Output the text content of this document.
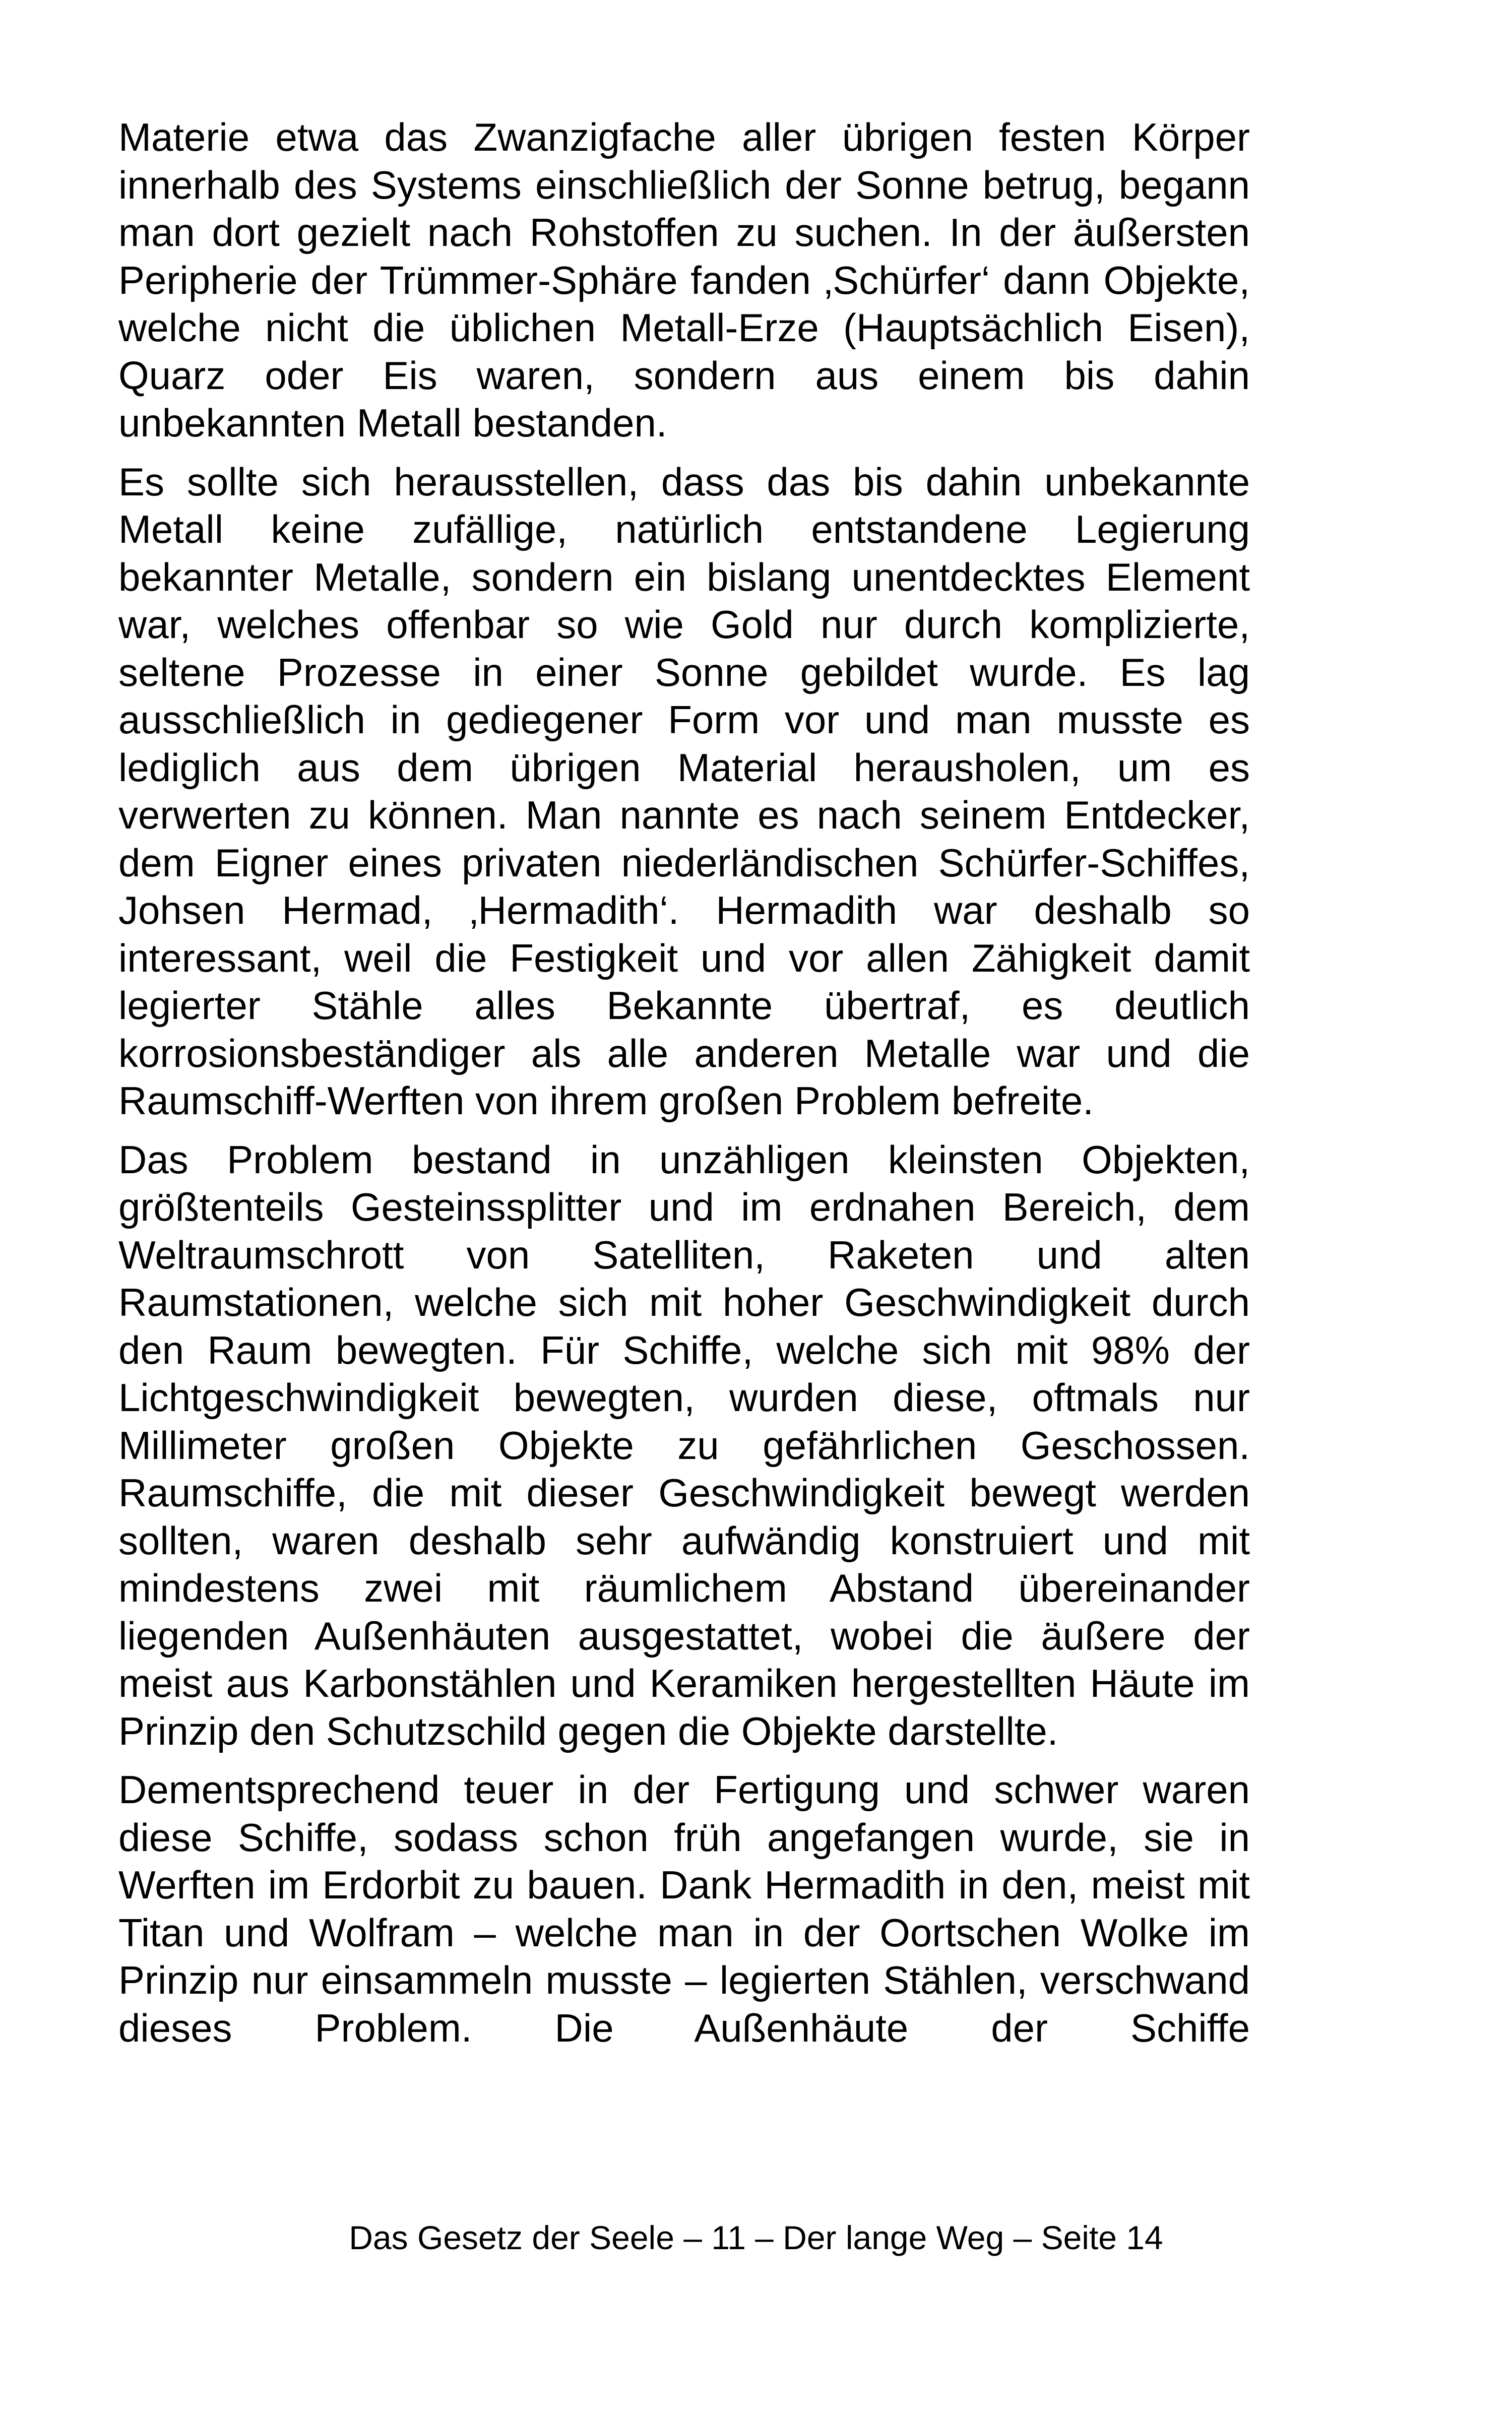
Materie etwa das Zwanzigfache aller übrigen festen Körper innerhalb des Systems einschließlich der Sonne betrug, begann man dort gezielt nach Rohstoffen zu suchen. In der äußersten Peripherie der Trümmer-Sphäre fanden ‚Schürfer‘ dann Objekte, welche nicht die üblichen Metall-Erze (Hauptsächlich Eisen), Quarz oder Eis waren, sondern aus einem bis dahin unbekannten Metall bestanden.

Es sollte sich herausstellen, dass das bis dahin unbekannte Metall keine zufällige, natürlich entstandene Legierung bekannter Metalle, sondern ein bislang unentdecktes Element war, welches offenbar so wie Gold nur durch komplizierte, seltene Prozesse in einer Sonne gebildet wurde. Es lag ausschließlich in gediegener Form vor und man musste es lediglich aus dem übrigen Material herausholen, um es verwerten zu können. Man nannte es nach seinem Entdecker, dem Eigner eines privaten niederländischen Schürfer-Schiffes, Johsen Hermad, ‚Hermadith‘. Hermadith war deshalb so interessant, weil die Festigkeit und vor allen Zähigkeit damit legierter Stähle alles Bekannte übertraf, es deutlich korrosionsbeständiger als alle anderen Metalle war und die Raumschiff-Werften von ihrem großen Problem befreite.

Das Problem bestand in unzähligen kleinsten Objekten, größtenteils Gesteinssplitter und im erdnahen Bereich, dem Weltraumschrott von Satelliten, Raketen und alten Raumstationen, welche sich mit hoher Geschwindigkeit durch den Raum bewegten. Für Schiffe, welche sich mit 98% der Lichtgeschwindigkeit bewegten, wurden diese, oftmals nur Millimeter großen Objekte zu gefährlichen Geschossen. Raumschiffe, die mit dieser Geschwindigkeit bewegt werden sollten, waren deshalb sehr aufwändig konstruiert und mit mindestens zwei mit räumlichem Abstand übereinander liegenden Außenhäuten ausgestattet, wobei die äußere der meist aus Karbonstählen und Keramiken hergestellten Häute im Prinzip den Schutzschild gegen die Objekte darstellte.

Dementsprechend teuer in der Fertigung und schwer waren diese Schiffe, sodass schon früh angefangen wurde, sie in Werften im Erdorbit zu bauen. Dank Hermadith in den, meist mit Titan und Wolfram – welche man in der Oortschen Wolke im Prinzip nur einsammeln musste – legierten Stählen, verschwand dieses Problem. Die Außenhäute der Schiffe

Das Gesetz der Seele – 11 – Der lange Weg – Seite 14
